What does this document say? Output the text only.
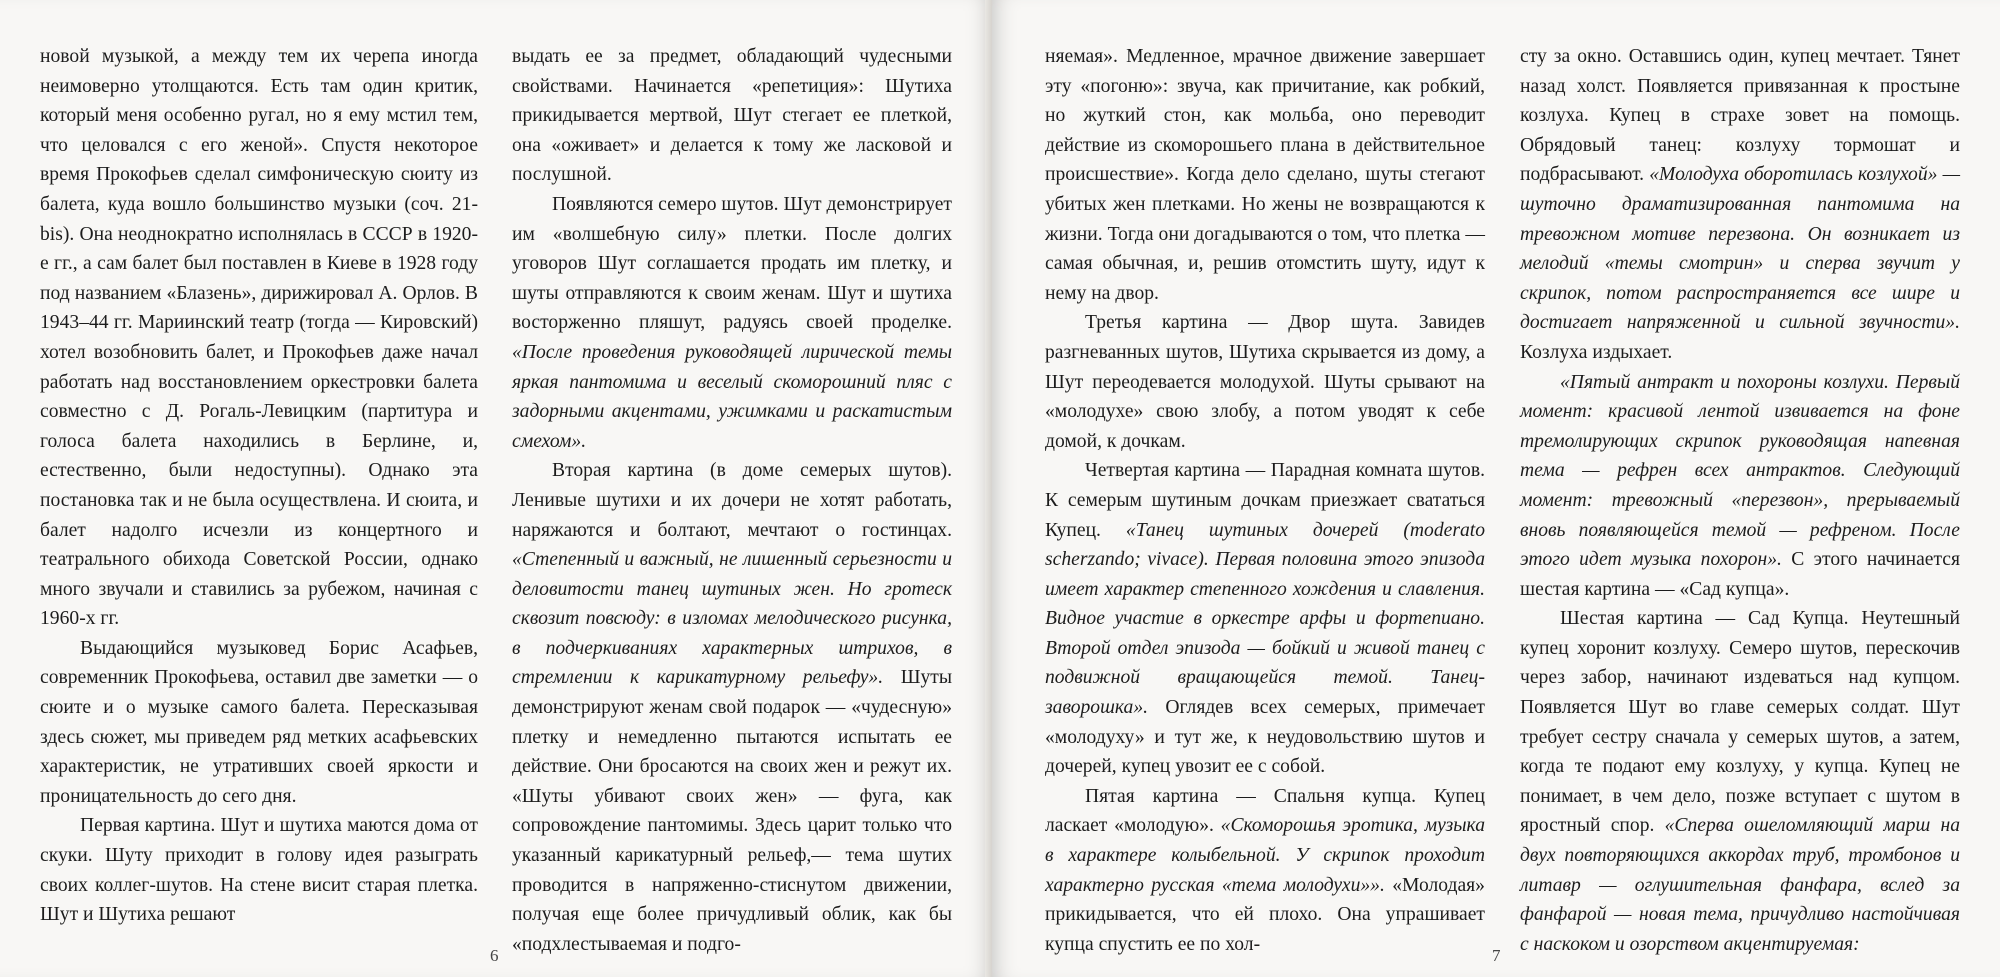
новой музыкой, а между тем их черепа иногда неимоверно утолщаются. Есть там один критик, который меня особенно ругал, но я ему мстил тем, что целовался с его женой». Спустя некоторое время Прокофьев сделал симфоническую сюиту из балета, куда вошло большинство музыки (соч. 21-bis). Она неоднократно исполнялась в СССР в 1920-е гг., а сам балет был поставлен в Киеве в 1928 году под названием «Блазень», дирижировал А. Орлов. В 1943–44 гг. Мариинский театр (тогда — Кировский) хотел возобновить балет, и Прокофьев даже начал работать над восстановлением оркестровки балета совместно с Д. Рогаль-Левицким (партитура и голоса балета находились в Берлине, и, естественно, были недоступны). Однако эта постановка так и не была осуществлена. И сюита, и балет надолго исчезли из концертного и театрального обихода Советской России, однако много звучали и ставились за рубежом, начиная с 1960-х гг.

Выдающийся музыковед Борис Асафьев, современник Прокофьева, оставил две заметки — о сюите и о музыке самого балета. Пересказывая здесь сюжет, мы приведем ряд метких асафьевских характеристик, не утративших своей яркости и проницательность до сего дня.

Первая картина. Шут и шутиха маются дома от скуки. Шуту приходит в голову идея разыграть своих коллег-шутов. На стене висит старая плетка. Шут и Шутиха решают

выдать ее за предмет, обладающий чудесными свойствами. Начинается «репетиция»: Шутиха прикидывается мертвой, Шут стегает ее плеткой, она «оживает» и делается к тому же ласковой и послушной.

Появляются семеро шутов. Шут демонстрирует им «волшебную силу» плетки. После долгих уговоров Шут соглашается продать им плетку, и шуты отправляются к своим женам. Шут и шутиха восторженно пляшут, радуясь своей проделке. «После проведения руководящей лирической темы яркая пантомима и веселый скоморошний пляс с задорными акцентами, ужимками и раскатистым смехом».

Вторая картина (в доме семерых шутов). Ленивые шутихи и их дочери не хотят работать, наряжаются и болтают, мечтают о гостинцах. «Степенный и важный, не лишенный серьезности и деловитости танец шутиных жен. Но гротеск сквозит повсюду: в изломах мелодического рисунка, в подчеркиваниях характерных штрихов, в стремлении к карикатурному рельефу». Шуты демонстрируют женам свой подарок — «чудесную» плетку и немедленно пытаются испытать ее действие. Они бросаются на своих жен и режут их. «Шуты убивают своих жен» — фуга, как сопровождение пантомимы. Здесь царит только что указанный карикатурный рельеф,— тема шутих проводится в напряженно-стиснутом движении, получая еще более причудливый облик, как бы «подхлестываемая и подго-

6

няемая». Медленное, мрачное движение завершает эту «погоню»: звуча, как причитание, как робкий, но жуткий стон, как мольба, оно переводит действие из скоморошьего плана в действительное происшествие». Когда дело сделано, шуты стегают убитых жен плетками. Но жены не возвращаются к жизни. Тогда они догадываются о том, что плетка — самая обычная, и, решив отомстить шуту, идут к нему на двор.

Третья картина — Двор шута. Завидев разгневанных шутов, Шутиха скрывается из дому, а Шут переодевается молодухой. Шуты срывают на «молодухе» свою злобу, а потом уводят к себе домой, к дочкам.

Четвертая картина — Парадная комната шутов. К семерым шутиным дочкам приезжает свататься Купец. «Танец шутиных дочерей (moderato scherzando; vivace). Первая половина этого эпизода имеет характер степенного хождения и славления. Видное участие в оркестре арфы и фортепиано. Второй отдел эпизода — бойкий и живой танец с подвижной вращающейся темой. Танец-заворошка». Оглядев всех семерых, примечает «молодуху» и тут же, к неудовольствию шутов и дочерей, купец увозит ее с собой.

Пятая картина — Спальня купца. Купец ласкает «молодую». «Скоморошья эротика, музыка в характере колыбельной. У скрипок проходит характерно русская «тема молодухи»». «Молодая» прикидывается, что ей плохо. Она упрашивает купца спустить ее по хол-

сту за окно. Оставшись один, купец мечтает. Тянет назад холст. Появляется привязанная к простыне козлуха. Купец в страхе зовет на помощь. Обрядовый танец: козлуху тормошат и подбрасывают. «Молодуха оборотилась козлухой» — шуточно драматизированная пантомима на тревожном мотиве перезвона. Он возникает из мелодий «темы смотрин» и сперва звучит у скрипок, потом распространяется все шире и достигает напряженной и сильной звучности». Козлуха издыхает.

«Пятый антракт и похороны козлухи. Первый момент: красивой лентой извивается на фоне тремолирующих скрипок руководящая напевная тема — рефрен всех антрактов. Следующий момент: тревожный «перезвон», прерываемый вновь появляющейся темой — рефреном. После этого идет музыка похорон». С этого начинается шестая картина — «Сад купца».

Шестая картина — Сад Купца. Неутешный купец хоронит козлуху. Семеро шутов, перескочив через забор, начинают издеваться над купцом. Появляется Шут во главе семерых солдат. Шут требует сестру сначала у семерых шутов, а затем, когда те подают ему козлуху, у купца. Купец не понимает, в чем дело, позже вступает с шутом в яростный спор. «Сперва ошеломляющий марш на двух повторяющихся аккордах труб, тромбонов и литавр — оглушительная фанфара, вслед за фанфарой — новая тема, причудливо настойчивая с наскоком и озорством акцентируемая:

7
